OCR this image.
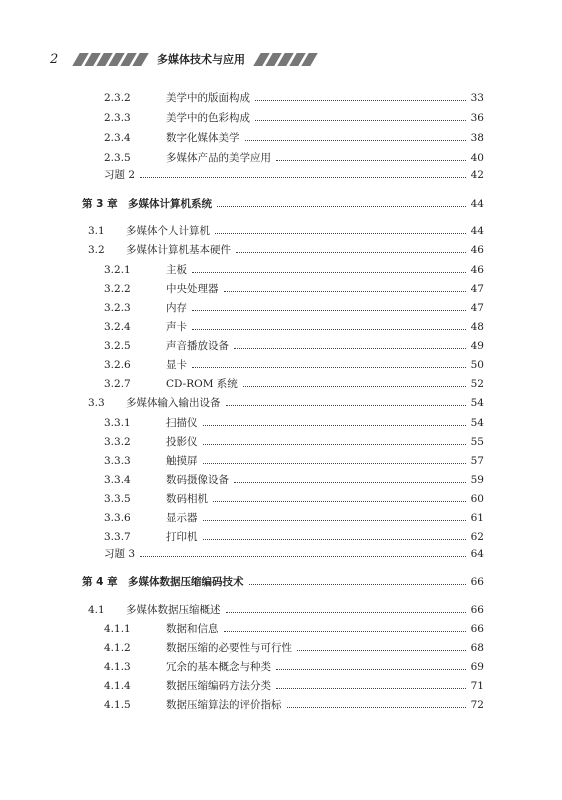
2	多媒体技术与应用
2.3.2	美学中的版面构成	33
2.3.3	美学中的色彩构成	36
2.3.4	数字化媒体美学	38
2.3.5	多媒体产品的美学应用	40
习题 2	42
第 3 章 多媒体计算机系统	44
3.1	多媒体个人计算机	44
3.2	多媒体计算机基本硬件	46
3.2.1	主板	46
3.2.2	中央处理器	47
3.2.3	内存	47
3.2.4	声卡	48
3.2.5	声音播放设备	49
3.2.6	显卡	50
3.2.7	CD-ROM 系统	52
3.3	多媒体输入输出设备	54
3.3.1	扫描仪	54
3.3.2	投影仪	55
3.3.3	触摸屏	57
3.3.4	数码摄像设备	59
3.3.5	数码相机	60
3.3.6	显示器	61
3.3.7	打印机	62
习题 3	64
第 4 章 多媒体数据压缩编码技术	66
4.1	多媒体数据压缩概述	66
4.1.1	数据和信息	66
4.1.2	数据压缩的必要性与可行性	68
4.1.3	冗余的基本概念与种类	69
4.1.4	数据压缩编码方法分类	71
4.1.5	数据压缩算法的评价指标	72
